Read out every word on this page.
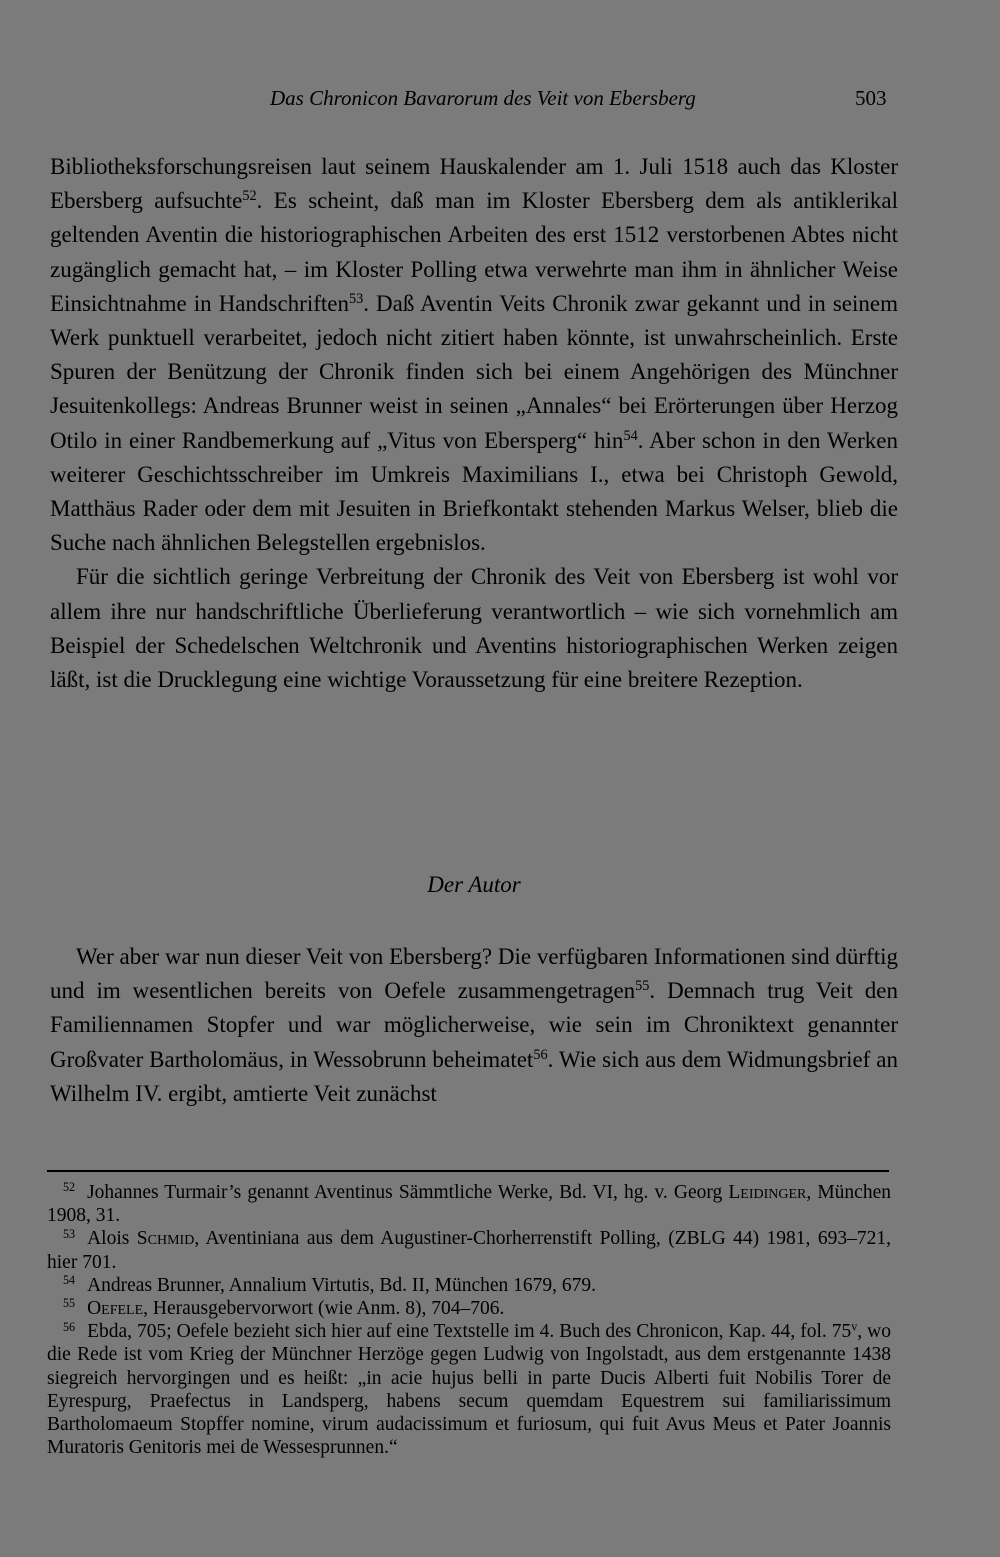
Das Chronicon Bavarorum des Veit von Ebersberg	503

Bibliotheksforschungsreisen laut seinem Hauskalender am 1. Juli 1518 auch das Kloster Ebersberg aufsuchte$^{52}$. Es scheint, daß man im Kloster Ebersberg dem als antiklerikal geltenden Aventin die historiographischen Arbeiten des erst 1512 verstorbenen Abtes nicht zugänglich gemacht hat, – im Kloster Polling etwa verwehrte man ihm in ähnlicher Weise Einsichtnahme in Handschriften$^{53}$. Daß Aventin Veits Chronik zwar gekannt und in seinem Werk punktuell verarbeitet, jedoch nicht zitiert haben könnte, ist unwahrscheinlich. Erste Spuren der Benützung der Chronik finden sich bei einem Angehörigen des Münchner Jesuitenkollegs: Andreas Brunner weist in seinen „Annales“ bei Erörterungen über Herzog Otilo in einer Randbemerkung auf „Vitus von Ebersperg“ hin$^{54}$. Aber schon in den Werken weiterer Geschichtsschreiber im Umkreis Maximilians I., etwa bei Christoph Gewold, Matthäus Rader oder dem mit Jesuiten in Briefkontakt stehenden Markus Welser, blieb die Suche nach ähnlichen Belegstellen ergebnislos.

Für die sichtlich geringe Verbreitung der Chronik des Veit von Ebersberg ist wohl vor allem ihre nur handschriftliche Überlieferung verantwortlich – wie sich vornehmlich am Beispiel der Schedelschen Weltchronik und Aventins historiographischen Werken zeigen läßt, ist die Drucklegung eine wichtige Voraussetzung für eine breitere Rezeption.

Der Autor

Wer aber war nun dieser Veit von Ebersberg? Die verfügbaren Informationen sind dürftig und im wesentlichen bereits von Oefele zusammengetragen$^{55}$. Demnach trug Veit den Familiennamen Stopfer und war möglicherweise, wie sein im Chroniktext genannter Großvater Bartholomäus, in Wessobrunn beheimatet$^{56}$. Wie sich aus dem Widmungsbrief an Wilhelm IV. ergibt, amtierte Veit zunächst

$^{52}$ Johannes Turmair’s genannt Aventinus Sämmtliche Werke, Bd. VI, hg. v. Georg Leidinger, München 1908, 31.

$^{53}$ Alois Schmid, Aventiniana aus dem Augustiner-Chorherrenstift Polling, (ZBLG 44) 1981, 693–721, hier 701.

$^{54}$ Andreas Brunner, Annalium Virtutis, Bd. II, München 1679, 679.

$^{55}$ Oefele, Herausgebervorwort (wie Anm. 8), 704–706.

$^{56}$ Ebda, 705; Oefele bezieht sich hier auf eine Textstelle im 4. Buch des Chronicon, Kap. 44, fol. 75$^v$, wo die Rede ist vom Krieg der Münchner Herzöge gegen Ludwig von Ingolstadt, aus dem erstgenannte 1438 siegreich hervorgingen und es heißt: „in acie hujus belli in parte Ducis Alberti fuit Nobilis Torer de Eyrespurg, Praefectus in Landsperg, habens secum quemdam Equestrem sui familiarissimum Bartholomaeum Stopffer nomine, virum audacissimum et furiosum, qui fuit Avus Meus et Pater Joannis Muratoris Genitoris mei de Wessesprunnen.“
